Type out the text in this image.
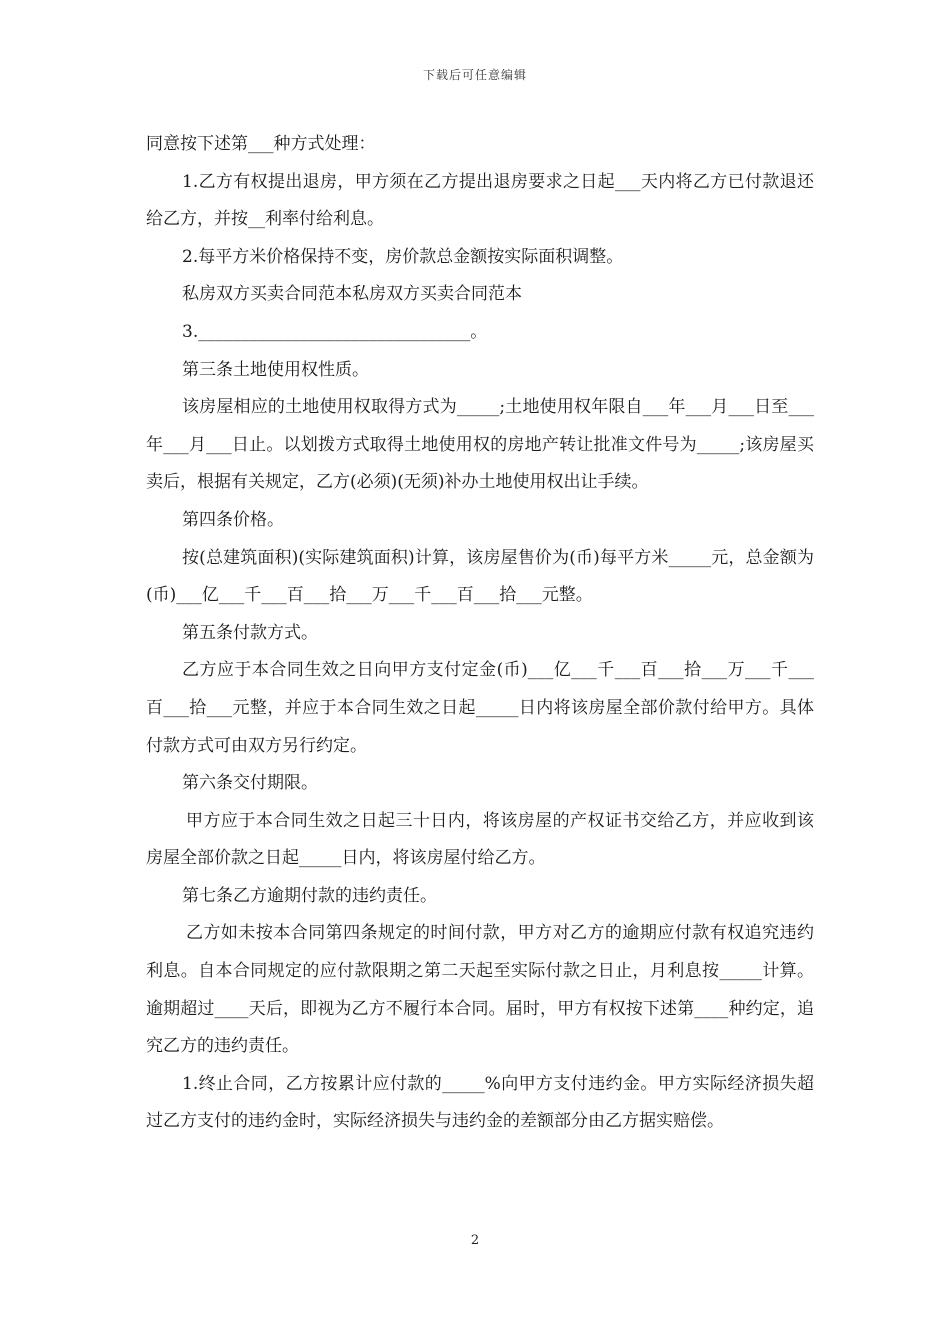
下载后可任意编辑

同意按下述第___种方式处理：

1.乙方有权提出退房，甲方须在乙方提出退房要求之日起___天内将乙方已付款退还给乙方，并按__利率付给利息。

2.每平方米价格保持不变，房价款总金额按实际面积调整。

私房双方买卖合同范本私房双方买卖合同范本

3.________________________________。

第三条土地使用权性质。

该房屋相应的土地使用权取得方式为_____;土地使用权年限自___年___月___日至___年___月___日止。以划拨方式取得土地使用权的房地产转让批准文件号为_____;该房屋买卖后，根据有关规定，乙方(必须)(无须)补办土地使用权出让手续。

第四条价格。

按(总建筑面积)(实际建筑面积)计算，该房屋售价为(币)每平方米_____元，总金额为(币)___亿___千___百___拾___万___千___百___拾___元整。

第五条付款方式。

乙方应于本合同生效之日向甲方支付定金(币)___亿___千___百___拾___万___千___百___拾___元整，并应于本合同生效之日起_____日内将该房屋全部价款付给甲方。具体付款方式可由双方另行约定。

第六条交付期限。

甲方应于本合同生效之日起三十日内，将该房屋的产权证书交给乙方，并应收到该房屋全部价款之日起_____日内，将该房屋付给乙方。

第七条乙方逾期付款的违约责任。

乙方如未按本合同第四条规定的时间付款，甲方对乙方的逾期应付款有权追究违约利息。自本合同规定的应付款限期之第二天起至实际付款之日止，月利息按_____计算。逾期超过____天后，即视为乙方不履行本合同。届时，甲方有权按下述第____种约定，追究乙方的违约责任。

1.终止合同，乙方按累计应付款的_____%向甲方支付违约金。甲方实际经济损失超过乙方支付的违约金时，实际经济损失与违约金的差额部分由乙方据实赔偿。

2
